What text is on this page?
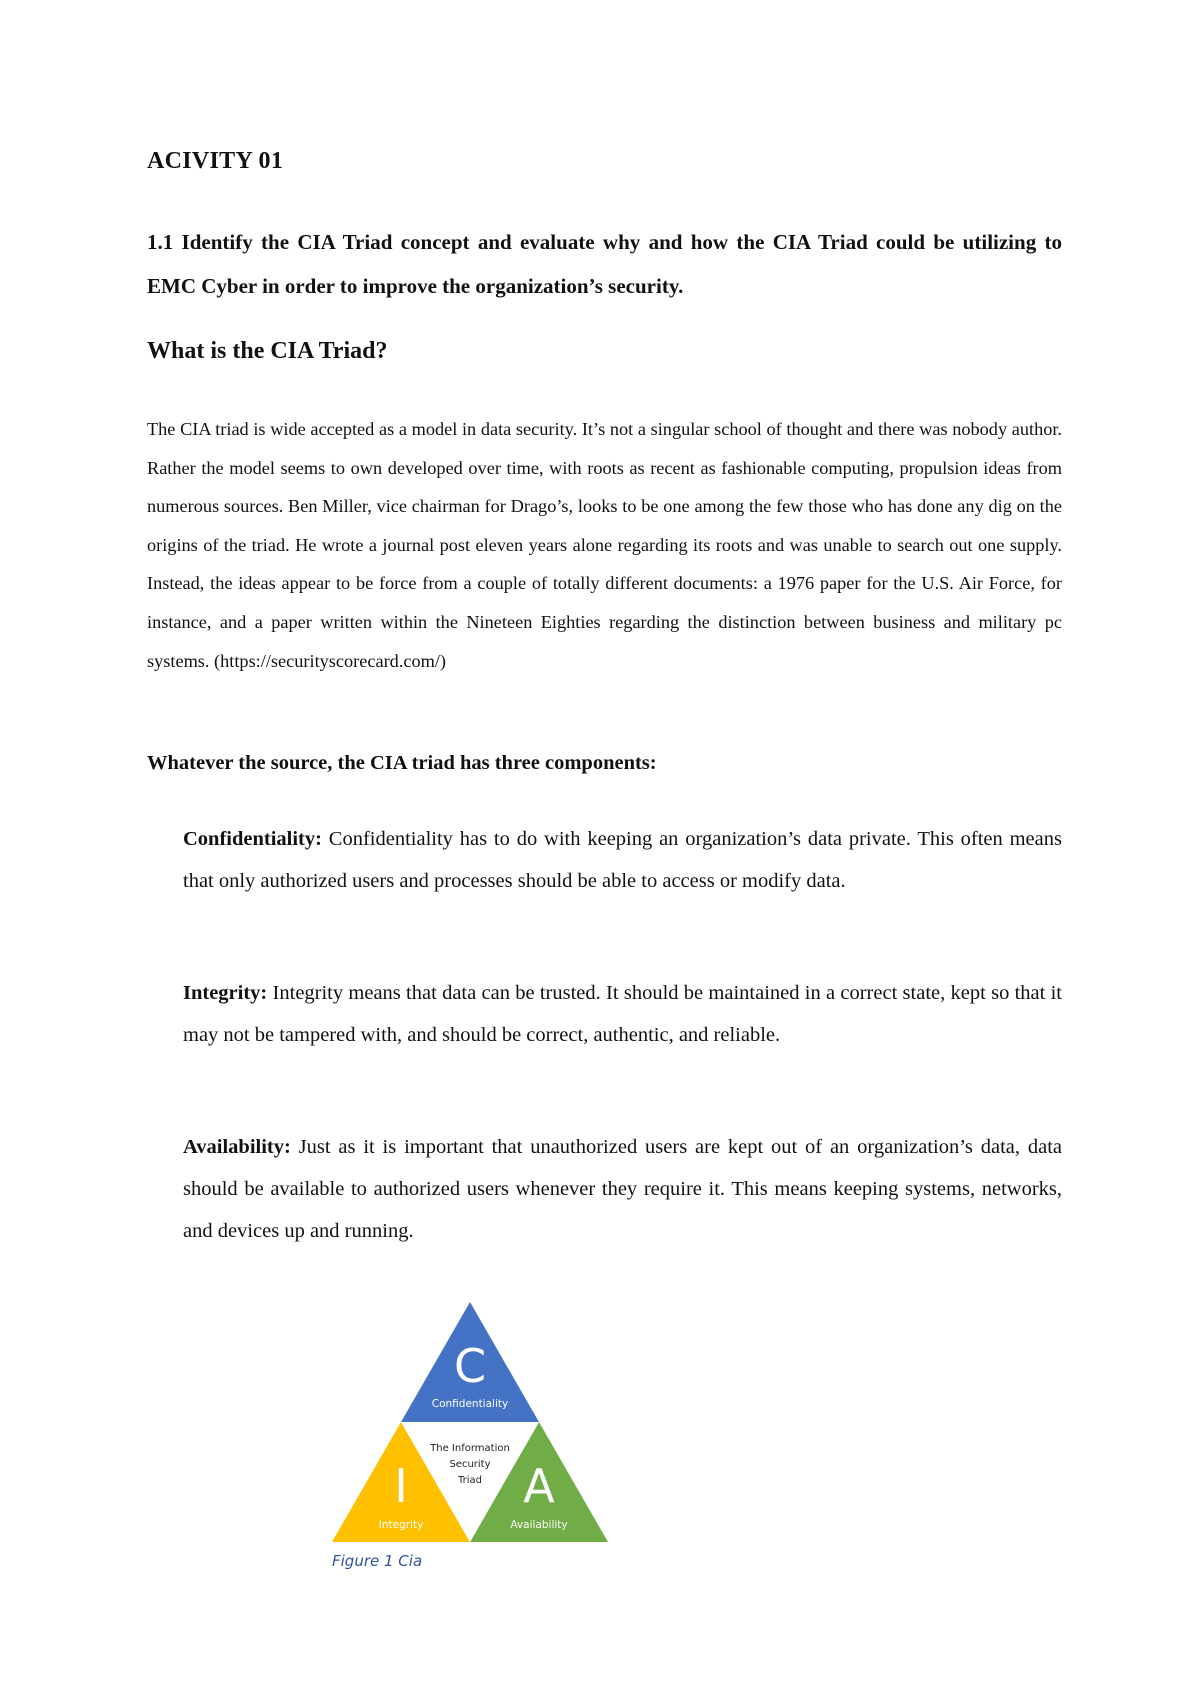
ACIVITY 01

1.1 Identify the CIA Triad concept and evaluate why and how the CIA Triad could be utilizing to EMC Cyber in order to improve the organization’s security.

What is the CIA Triad?

The CIA triad is wide accepted as a model in data security. It’s not a singular school of thought and there was nobody author. Rather the model seems to own developed over time, with roots as recent as fashionable computing, propulsion ideas from numerous sources. Ben Miller, vice chairman for Drago’s, looks to be one among the few those who has done any dig on the origins of the triad. He wrote a journal post eleven years alone regarding its roots and was unable to search out one supply. Instead, the ideas appear to be force from a couple of totally different documents: a 1976 paper for the U.S. Air Force, for instance, and a paper written within the Nineteen Eighties regarding the distinction between business and military pc systems. (https://securityscorecard.com/)

Whatever the source, the CIA triad has three components:

Confidentiality: Confidentiality has to do with keeping an organization’s data private. This often means that only authorized users and processes should be able to access or modify data.

Integrity: Integrity means that data can be trusted. It should be maintained in a correct state, kept so that it may not be tampered with, and should be correct, authentic, and reliable.

Availability: Just as it is important that unauthorized users are kept out of an organization’s data, data should be available to authorized users whenever they require it. This means keeping systems, networks, and devices up and running.

C
Confidentiality
I
Integrity
A
Availability
The Information
Security
Triad
Figure 1 Cia
